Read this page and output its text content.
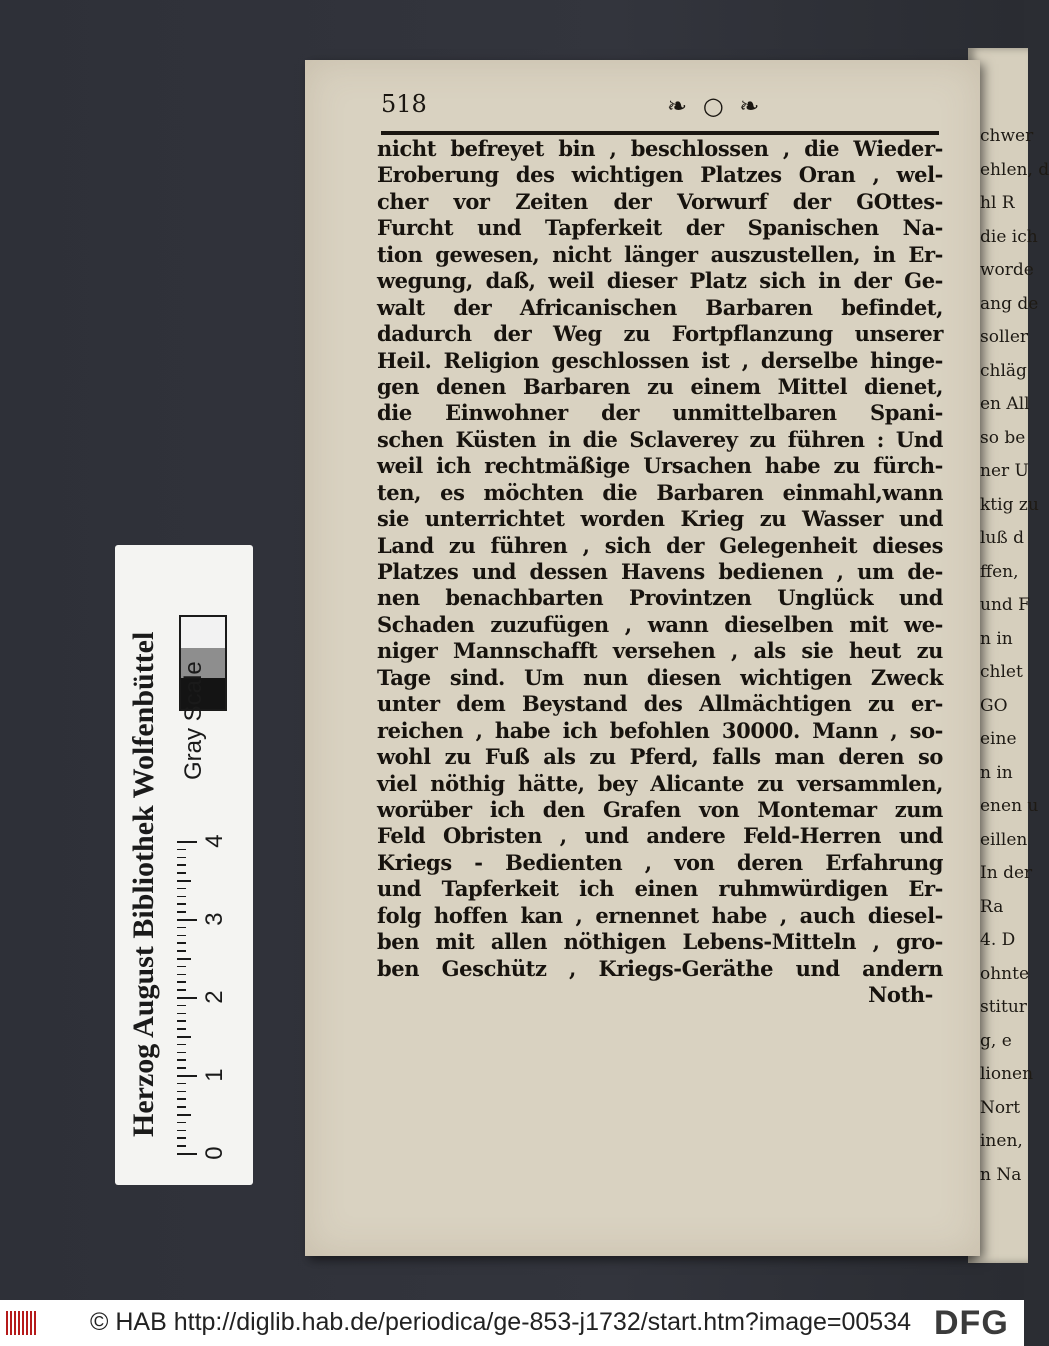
chwer
ehlen, d
hl R
die ich
worde
ang de
soller
chläg
en All
so be
ner U
ktig zu
luß d
ffen,
und F
n in
chlet
GO
eine
n in
enen u
eillen
In der
Ra
4. D
ohnte
stitur
g, e
lionen
Nort
inen,
n Na
518	❧ ○ ❧
nicht befreyet bin , beschlossen , die Wieder-
Eroberung des wichtigen Platzes Oran , wel-
cher vor Zeiten der Vorwurf der GOttes-
Furcht und Tapferkeit der Spanischen Na-
tion gewesen, nicht länger auszustellen, in Er-
wegung, daß, weil dieser Platz sich in der Ge-
walt der Africanischen Barbaren befindet,
dadurch der Weg zu Fortpflanzung unserer
Heil. Religion geschlossen ist , derselbe hinge-
gen denen Barbaren zu einem Mittel dienet,
die Einwohner der unmittelbaren Spani-
schen Küsten in die Sclaverey zu führen : Und
weil ich rechtmäßige Ursachen habe zu fürch-
ten, es möchten die Barbaren einmahl,wann
sie unterrichtet worden Krieg zu Wasser und
Land zu führen , sich der Gelegenheit dieses
Platzes und dessen Havens bedienen , um de-
nen benachbarten Provintzen Unglück und
Schaden zuzufügen , wann dieselben mit we-
niger Mannschafft versehen , als sie heut zu
Tage sind. Um nun diesen wichtigen Zweck
unter dem Beystand des Allmächtigen zu er-
reichen , habe ich befohlen 30000. Mann , so-
wohl zu Fuß als zu Pferd, falls man deren so
viel nöthig hätte, bey Alicante zu versammlen,
worüber ich den Grafen von Montemar zum
Feld Obristen , und andere Feld-Herren und
Kriegs - Bedienten , von deren Erfahrung
und Tapferkeit ich einen ruhmwürdigen Er-
folg hoffen kan , ernennet habe , auch diesel-
ben mit allen nöthigen Lebens-Mitteln , gro-
ben Geschütz , Kriegs-Geräthe und andern
Noth-
Herzog August Bibliothek Wolfenbüttel Gray Scale
0
1
2
3
4
© HAB http://diglib.hab.de/periodica/ge-853-j1732/start.htm?image=00534 DFG
